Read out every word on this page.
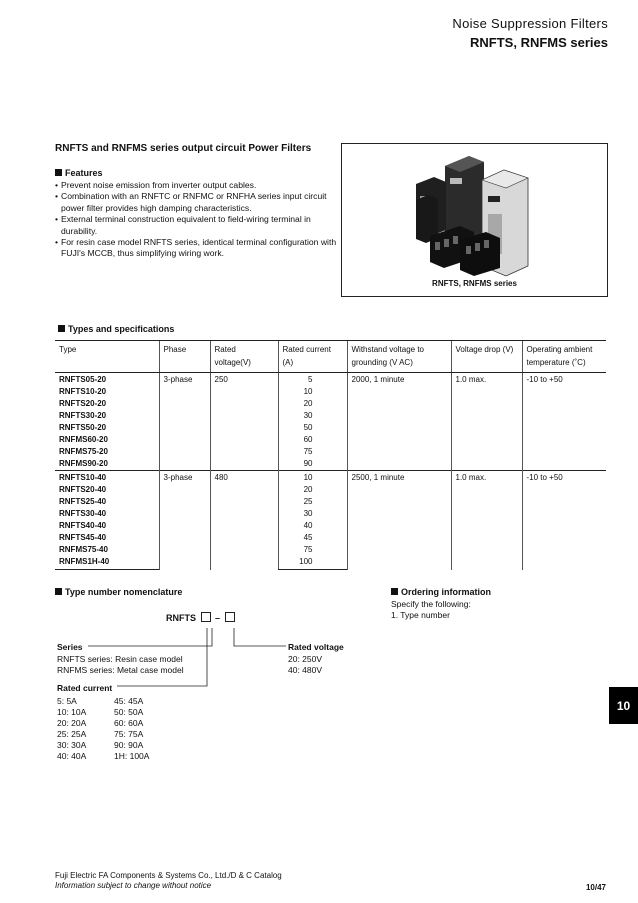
Noise Suppression Filters
RNFTS, RNFMS series
RNFTS and RNFMS series output circuit Power Filters
Features
• Prevent noise emission from inverter output cables.
• Combination with an RNFTC or RNFMC or RNFHA series input circuit power filter provides high damping characteristics.
• External terminal construction equivalent to field-wiring terminal in durability.
• For resin case model RNFTS series, identical terminal configuration with FUJI's MCCB, thus simplifying wiring work.
RNFTS, RNFMS series
Types and specifications
Type	Phase	Rated voltage(V)	Rated current (A)	Withstand voltage to grounding (V AC)	Voltage drop (V)	Operating ambient temperature (˚C)
RNFTS05-20	3-phase	250	5	2000, 1 minute	1.0 max.	-10 to +50
RNFTS10-20			10			
RNFTS20-20			20			
RNFTS30-20			30			
RNFTS50-20			50			
RNFMS60-20			60			
RNFMS75-20			75			
RNFMS90-20			90			
RNFTS10-40	3-phase	480	10	2500, 1 minute	1.0 max.	-10 to +50
RNFTS20-40			20			
RNFTS25-40			25			
RNFTS30-40			30			
RNFTS40-40			40			
RNFTS45-40			45			
RNFMS75-40			75			
RNFMS1H-40			100			
Type number nomenclature
RNFTS –
Series
RNFTS series: Resin case model
RNFMS series: Metal case model
Rated voltage
20: 250V
40: 480V
Rated current
5: 5A	45: 45A
10: 10A	50: 50A
20: 20A	60: 60A
25: 25A	75: 75A
30: 30A	90: 90A
40: 40A	1H: 100A
Ordering information
Specify the following:
1. Type number
10
Fuji Electric FA Components & Systems Co., Ltd./D & C Catalog
Information subject to change without notice	10/47
